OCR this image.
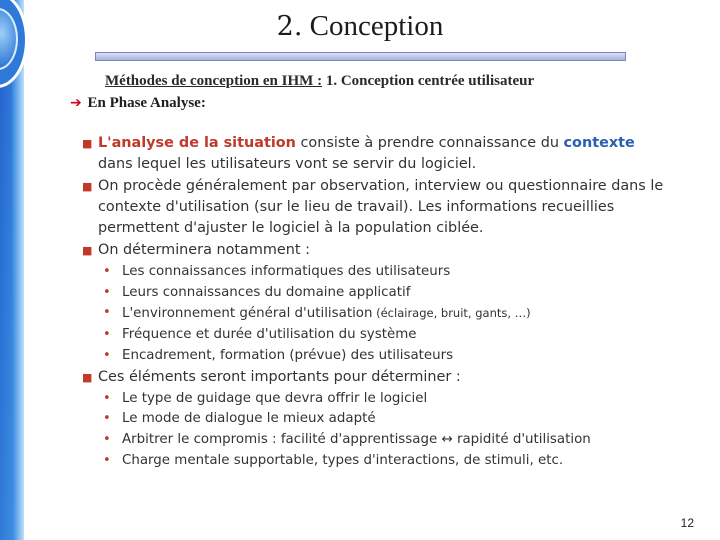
2. Conception
Méthodes de conception en IHM : 1. Conception centrée utilisateur
➔ En Phase Analyse:
■ L'analyse de la situation consiste à prendre connaissance du contexte dans lequel les utilisateurs vont se servir du logiciel.
■ On procède généralement par observation, interview ou questionnaire dans le contexte d'utilisation (sur le lieu de travail). Les informations recueillies permettent d'ajuster le logiciel à la population ciblée.
■ On déterminera notamment :
• Les connaissances informatiques des utilisateurs
• Leurs connaissances du domaine applicatif
• L'environnement général d'utilisation (éclairage, bruit, gants, …)
• Fréquence et durée d'utilisation du système
• Encadrement, formation (prévue) des utilisateurs
■ Ces éléments seront importants pour déterminer :
• Le type de guidage que devra offrir le logiciel
• Le mode de dialogue le mieux adapté
• Arbitrer le compromis : facilité d'apprentissage ↔ rapidité d'utilisation
• Charge mentale supportable, types d'interactions, de stimuli, etc.
12
